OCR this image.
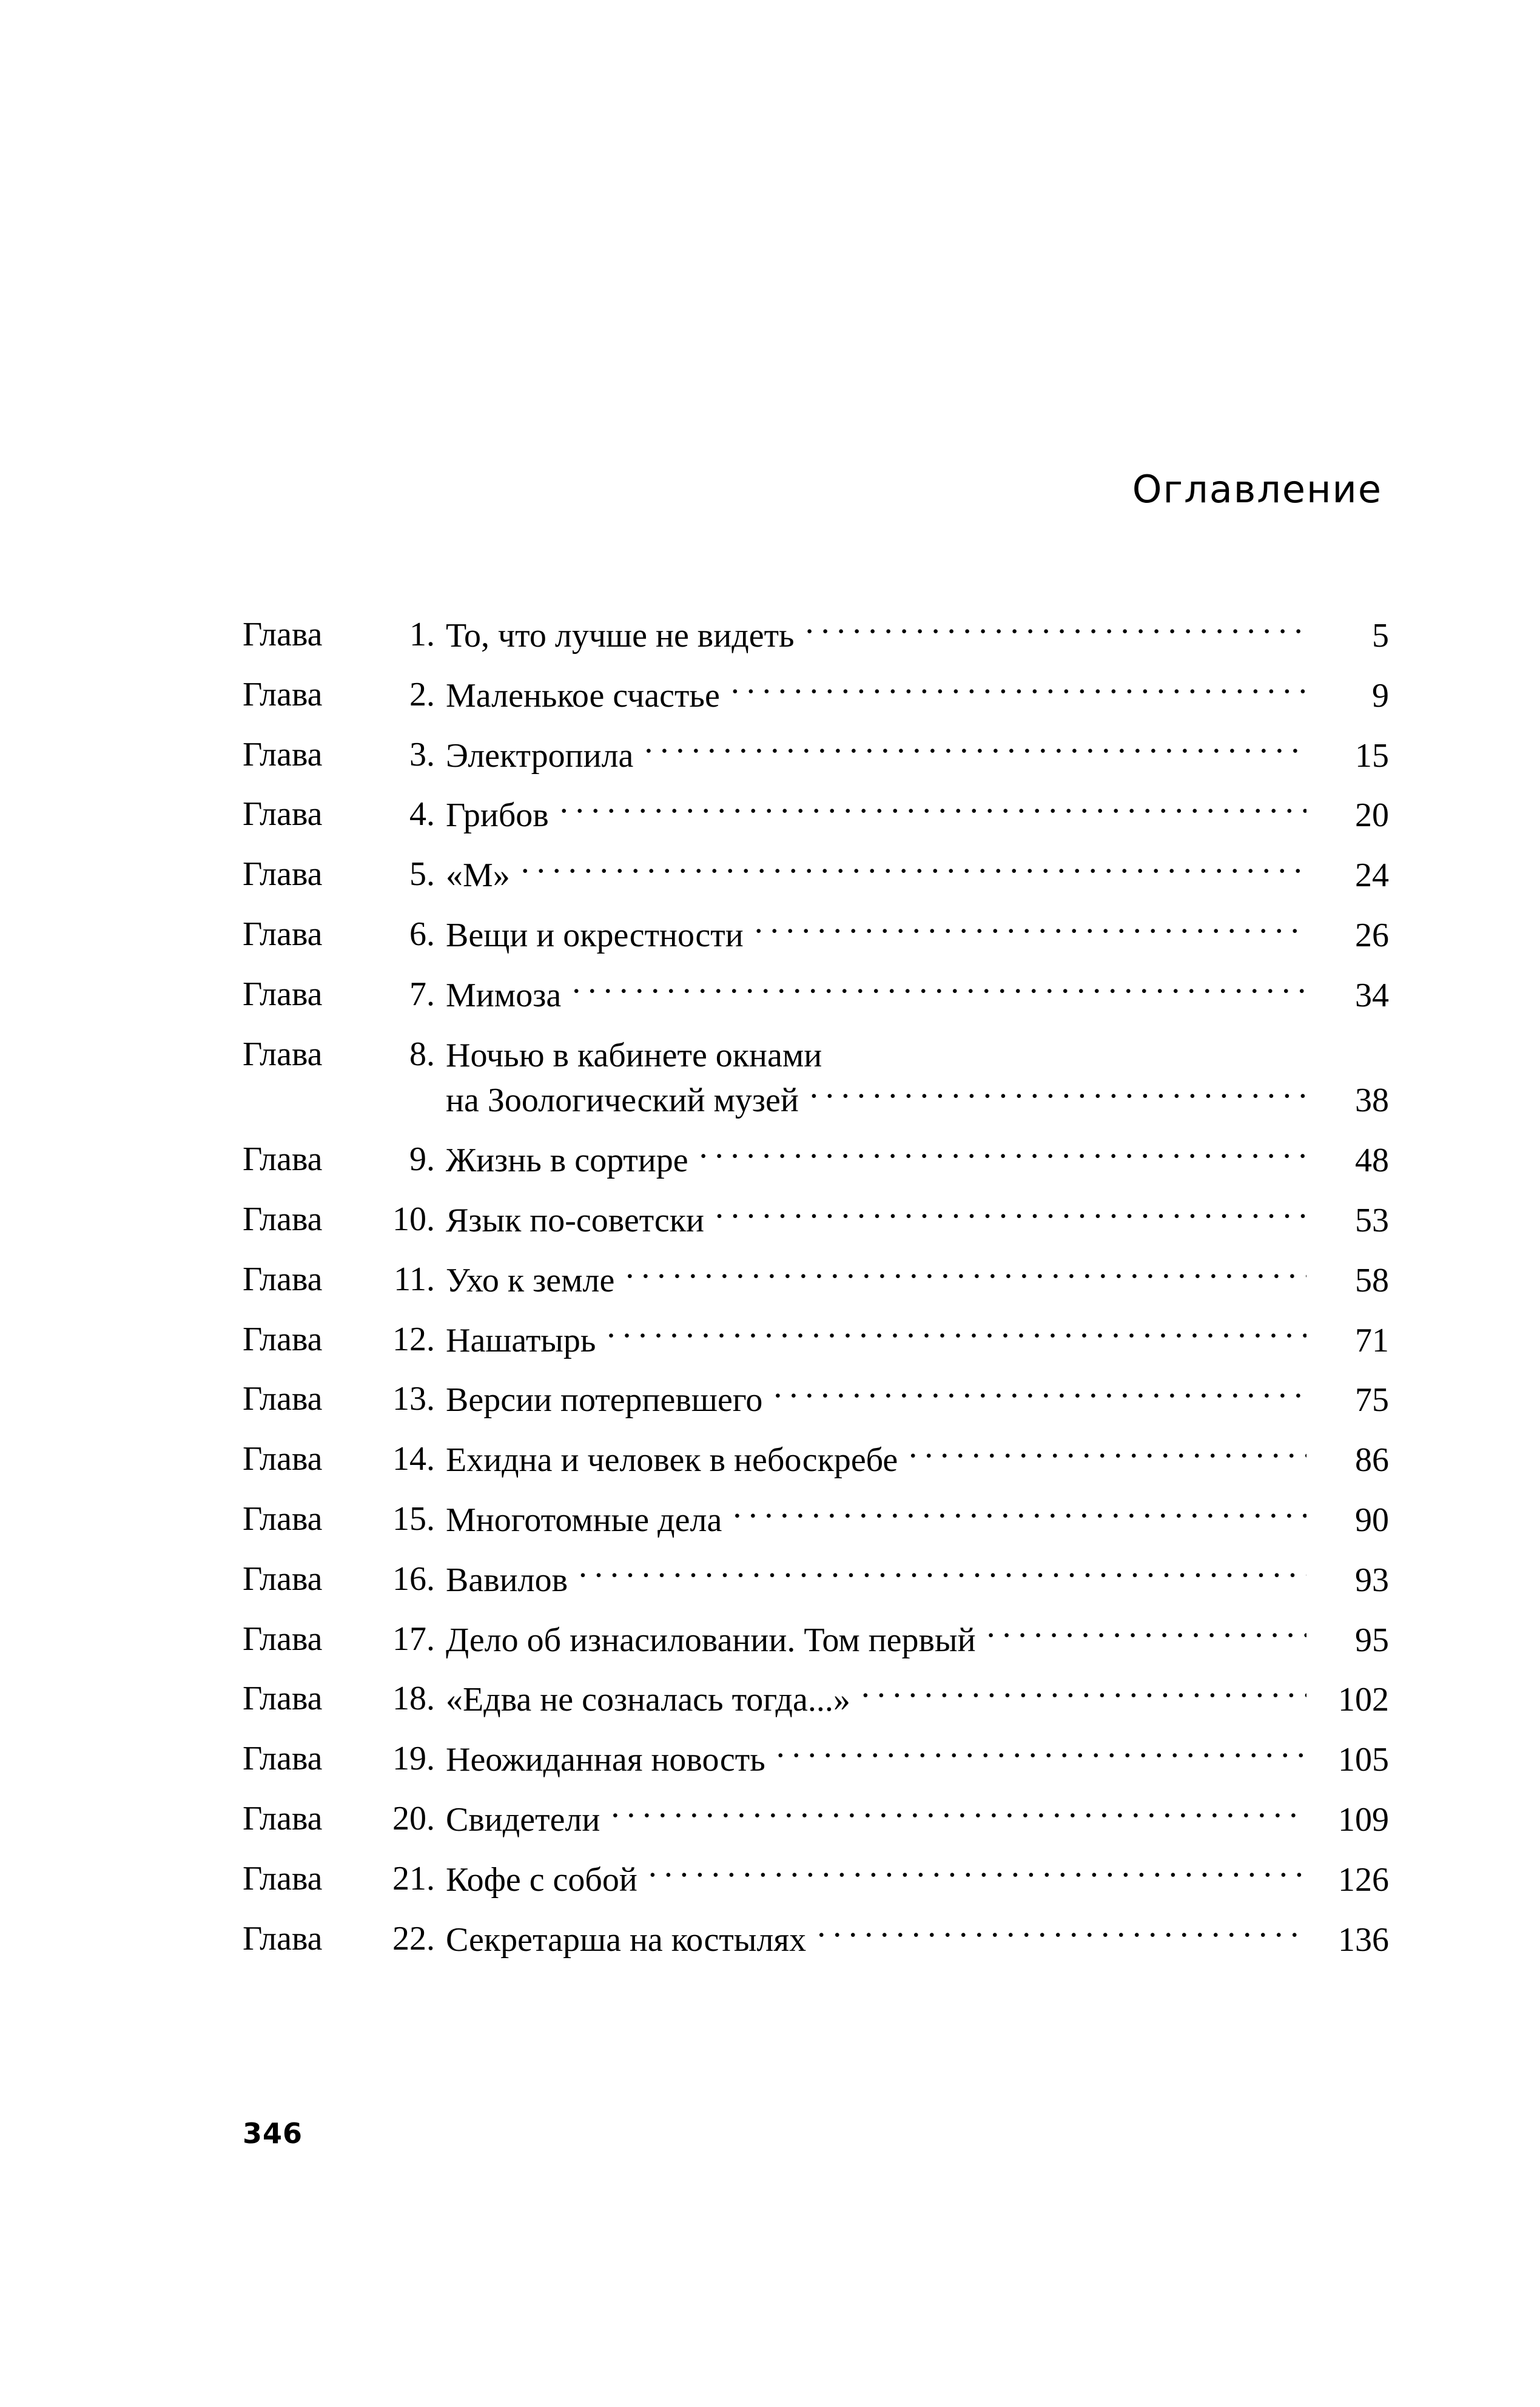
Оглавление
Глава	1. То, что лучше не видеть .....	5
Глава	2. Маленькое счастье .....	9
Глава	3. Электропила .....	15
Глава	4. Грибов .....	20
Глава	5. «М» .....	24
Глава	6. Вещи и окрестности .....	26
Глава	7. Мимоза .....	34
Глава	8. Ночью в кабинете окнами
на Зоологический музей .....	38
Глава	9. Жизнь в сортире .....	48
Глава	10. Язык по-советски .....	53
Глава	11. Ухо к земле .....	58
Глава	12. Нашатырь .....	71
Глава	13. Версии потерпевшего .....	75
Глава	14. Ехидна и человек в небоскребе .....	86
Глава	15. Многотомные дела .....	90
Глава	16. Вавилов .....	93
Глава	17. Дело об изнасиловании. Том первый .....	95
Глава	18. «Едва не созналась тогда...» .....	102
Глава	19. Неожиданная новость .....	105
Глава	20. Свидетели .....	109
Глава	21. Кофе с собой .....	126
Глава	22. Секретарша на костылях .....	136
346
